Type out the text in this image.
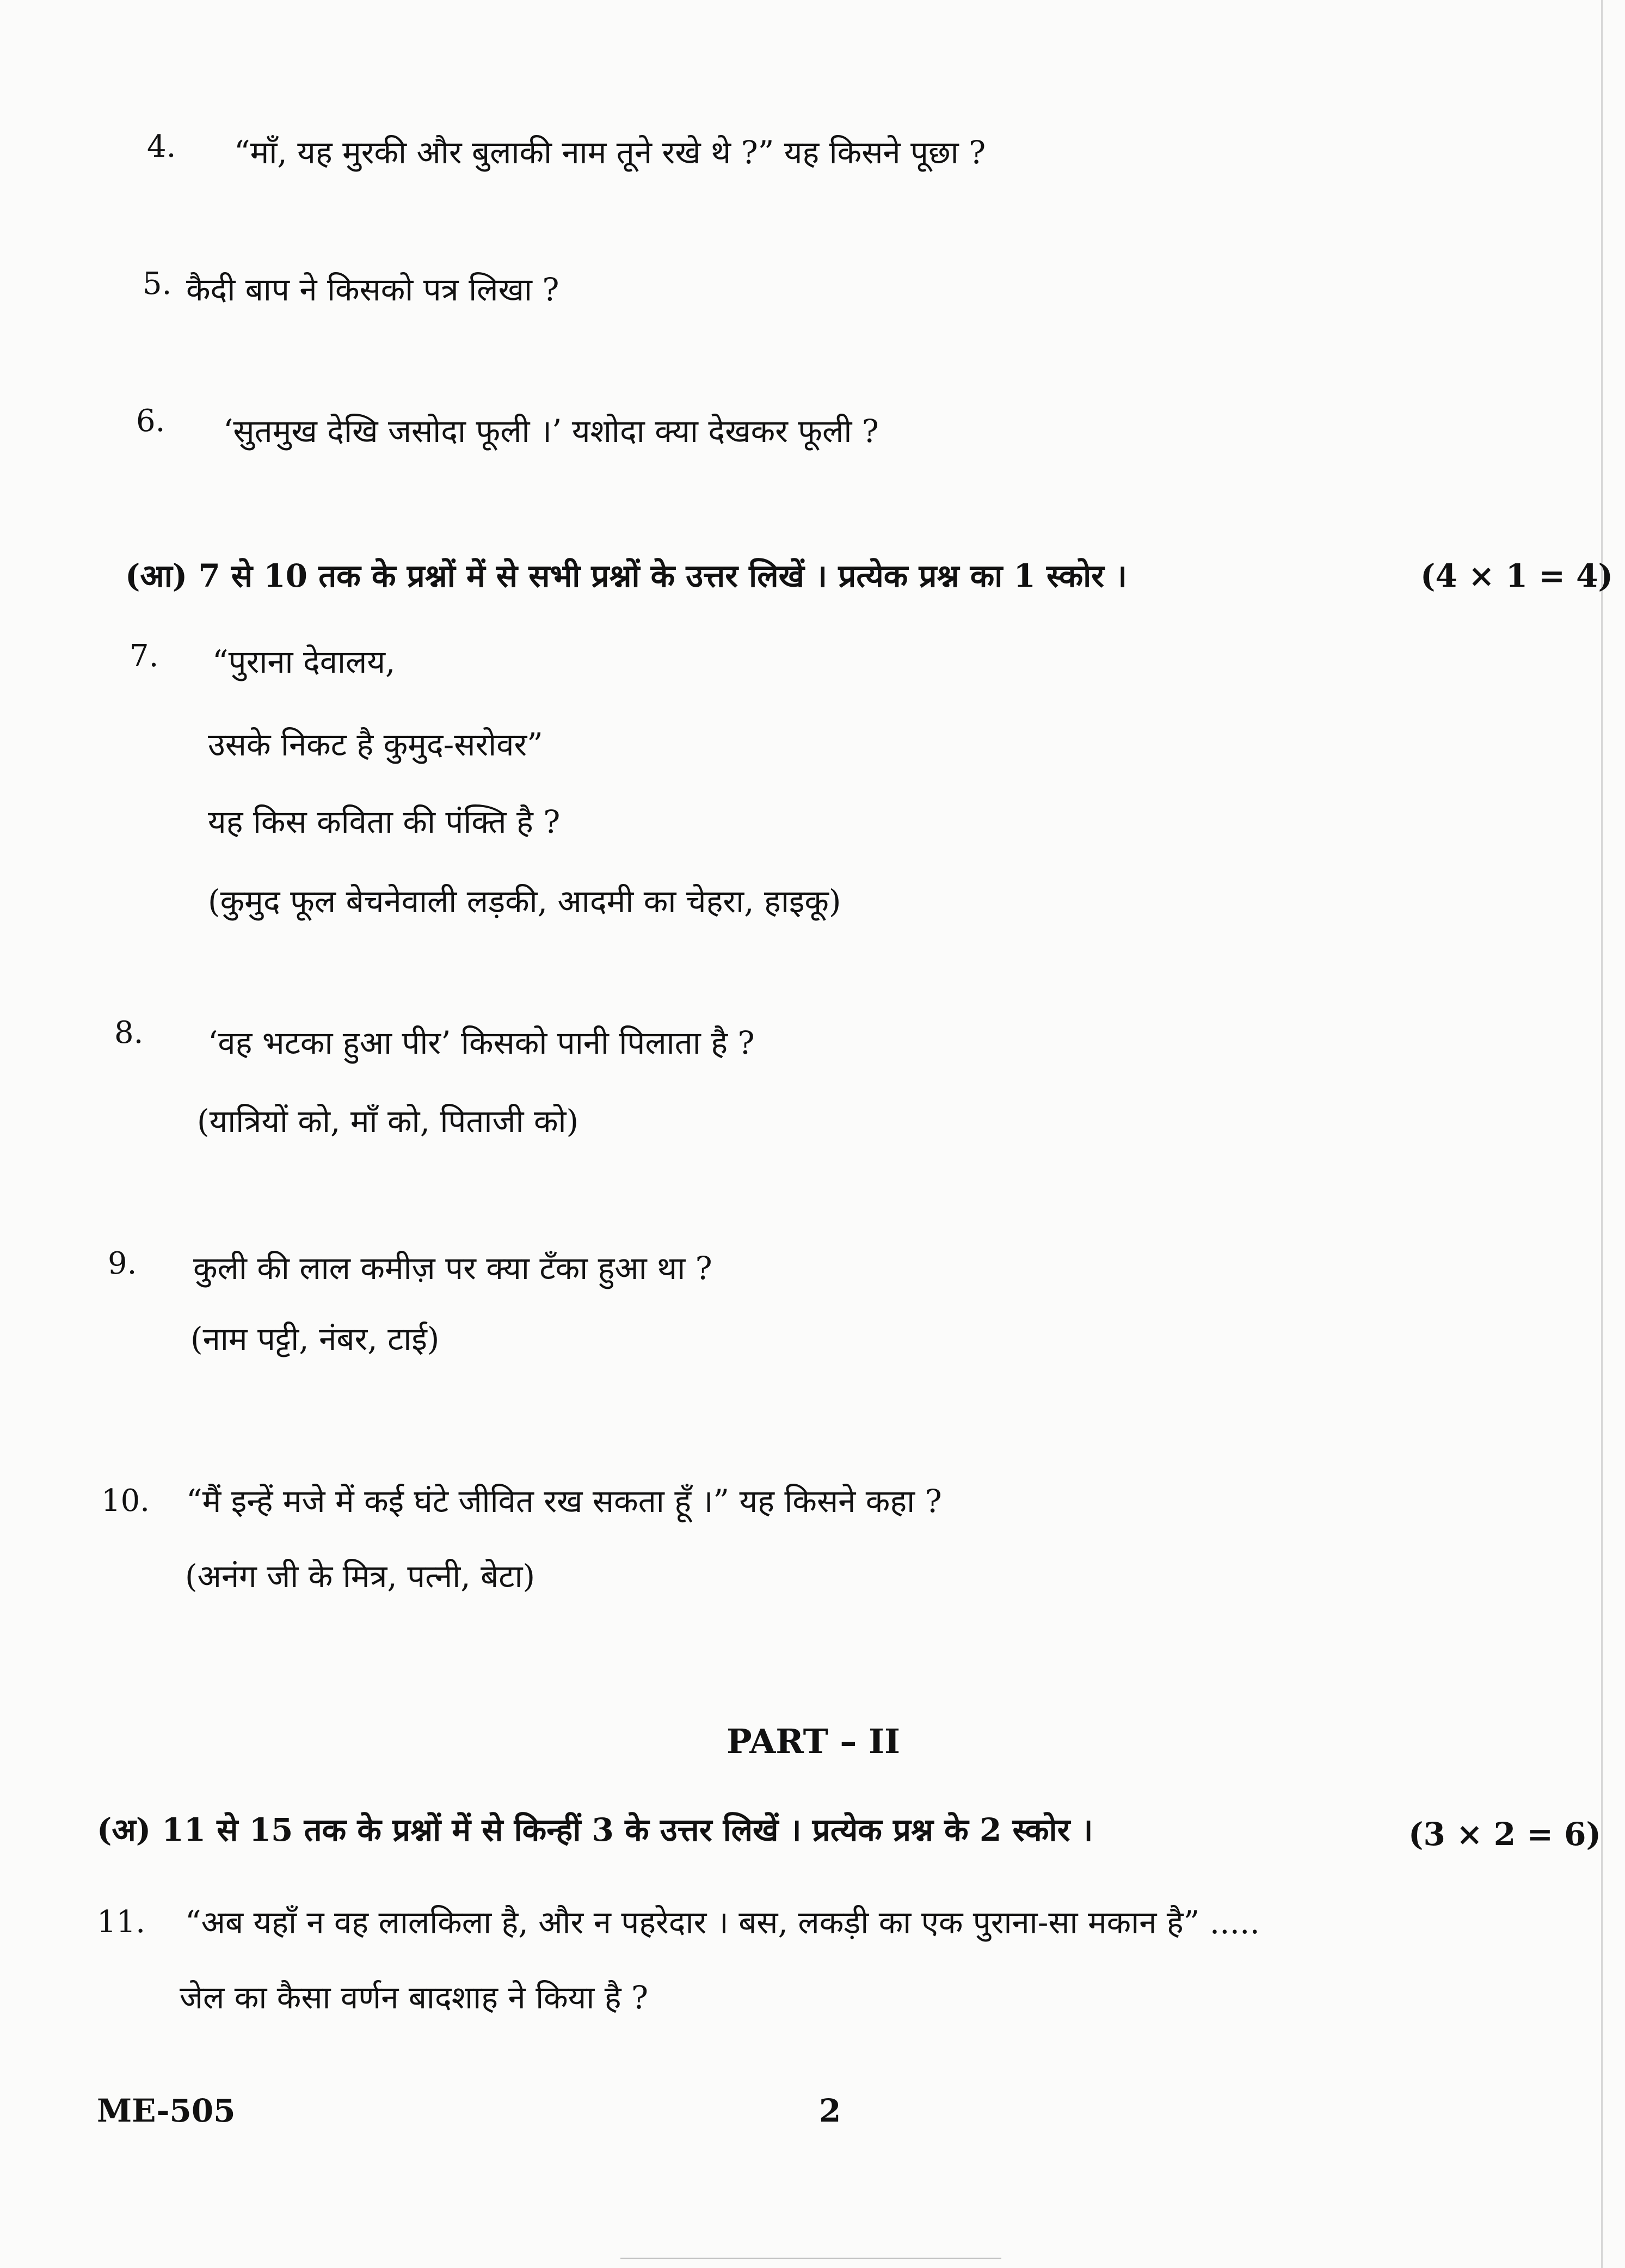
4. “माँ, यह मुरकी और बुलाकी नाम तूने रखे थे ?” यह किसने पूछा ?
5. कैदी बाप ने किसको पत्र लिखा ?
6. ‘सुतमुख देखि जसोदा फूली ।’ यशोदा क्या देखकर फूली ?
(आ) 7 से 10 तक के प्रश्नों में से सभी प्रश्नों के उत्तर लिखें । प्रत्येक प्रश्न का 1 स्कोर ।	(4 × 1 = 4)
7. “पुराना देवालय,
उसके निकट है कुमुद-सरोवर”
यह किस कविता की पंक्ति है ?
(कुमुद फूल बेचनेवाली लड़की, आदमी का चेहरा, हाइकू)
8. ‘वह भटका हुआ पीर’ किसको पानी पिलाता है ?
(यात्रियों को, माँ को, पिताजी को)
9. कुली की लाल कमीज़ पर क्या टँका हुआ था ?
(नाम पट्टी, नंबर, टाई)
10. “मैं इन्हें मजे में कई घंटे जीवित रख सकता हूँ ।” यह किसने कहा ?
(अनंग जी के मित्र, पत्नी, बेटा)
PART – II
(अ) 11 से 15 तक के प्रश्नों में से किन्हीं 3 के उत्तर लिखें । प्रत्येक प्रश्न के 2 स्कोर ।	(3 × 2 = 6)
11. “अब यहाँ न वह लालकिला है, और न पहरेदार । बस, लकड़ी का एक पुराना-सा मकान है” .....
जेल का कैसा वर्णन बादशाह ने किया है ?
ME-505	2
